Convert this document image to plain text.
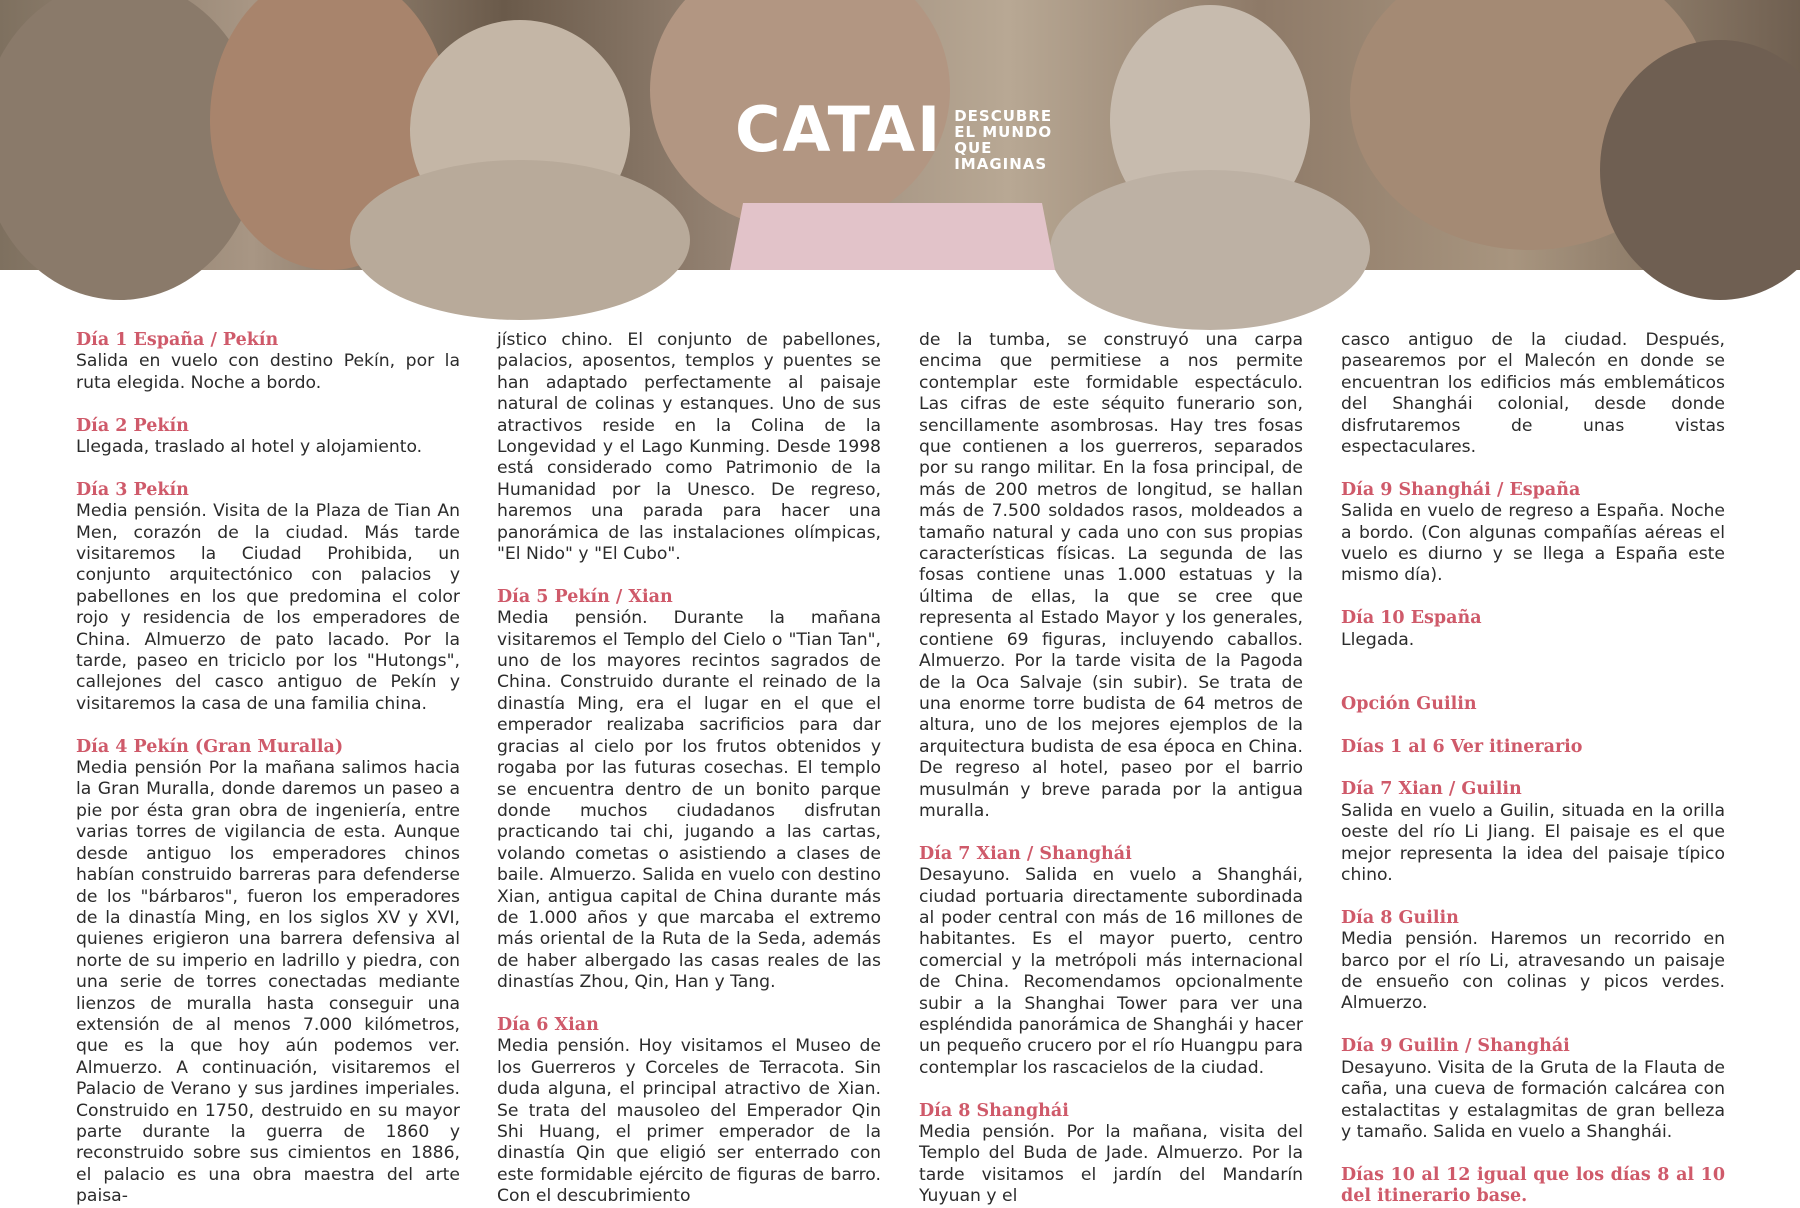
CATAI DESCUBRE EL MUNDO QUE IMAGINAS

Día 1 España / Pekín
Salida en vuelo con destino Pekín, por la ruta elegida. Noche a bordo.

Día 2 Pekín
Llegada, traslado al hotel y alojamiento.

Día 3 Pekín
Media pensión. Visita de la Plaza de Tian An Men, corazón de la ciudad. Más tarde visitaremos la Ciudad Prohibida, un conjunto arquitectónico con palacios y pabellones en los que predomina el color rojo y residencia de los emperadores de China. Almuerzo de pato lacado. Por la tarde, paseo en triciclo por los "Hutongs", callejones del casco antiguo de Pekín y visitaremos la casa de una familia china.

Día 4 Pekín (Gran Muralla)
Media pensión Por la mañana salimos hacia la Gran Muralla, donde daremos un paseo a pie por ésta gran obra de ingeniería, entre varias torres de vigilancia de esta. Aunque desde antiguo los emperadores chinos habían construido barreras para defenderse de los "bárbaros", fueron los emperadores de la dinastía Ming, en los siglos XV y XVI, quienes erigieron una barrera defensiva al norte de su imperio en ladrillo y piedra, con una serie de torres conectadas mediante lienzos de muralla hasta conseguir una extensión de al menos 7.000 kilómetros, que es la que hoy aún podemos ver. Almuerzo. A continuación, visitaremos el Palacio de Verano y sus jardines imperiales. Construido en 1750, destruido en su mayor parte durante la guerra de 1860 y reconstruido sobre sus cimientos en 1886, el palacio es una obra maestra del arte paisa-

jístico chino. El conjunto de pabellones, palacios, aposentos, templos y puentes se han adaptado perfectamente al paisaje natural de colinas y estanques. Uno de sus atractivos reside en la Colina de la Longevidad y el Lago Kunming. Desde 1998 está considerado como Patrimonio de la Humanidad por la Unesco. De regreso, haremos una parada para hacer una panorámica de las instalaciones olímpicas, "El Nido" y "El Cubo".

Día 5 Pekín / Xian
Media pensión. Durante la mañana visitaremos el Templo del Cielo o "Tian Tan", uno de los mayores recintos sagrados de China. Construido durante el reinado de la dinastía Ming, era el lugar en el que el emperador realizaba sacrificios para dar gracias al cielo por los frutos obtenidos y rogaba por las futuras cosechas. El templo se encuentra dentro de un bonito parque donde muchos ciudadanos disfrutan practicando tai chi, jugando a las cartas, volando cometas o asistiendo a clases de baile. Almuerzo. Salida en vuelo con destino Xian, antigua capital de China durante más de 1.000 años y que marcaba el extremo más oriental de la Ruta de la Seda, además de haber albergado las casas reales de las dinastías Zhou, Qin, Han y Tang.

Día 6 Xian
Media pensión. Hoy visitamos el Museo de los Guerreros y Corceles de Terracota. Sin duda alguna, el principal atractivo de Xian. Se trata del mausoleo del Emperador Qin Shi Huang, el primer emperador de la dinastía Qin que eligió ser enterrado con este formidable ejército de figuras de barro. Con el descubrimiento

de la tumba, se construyó una carpa encima que permitiese a nos permite contemplar este formidable espectáculo. Las cifras de este séquito funerario son, sencillamente asombrosas. Hay tres fosas que contienen a los guerreros, separados por su rango militar. En la fosa principal, de más de 200 metros de longitud, se hallan más de 7.500 soldados rasos, moldeados a tamaño natural y cada uno con sus propias características físicas. La segunda de las fosas contiene unas 1.000 estatuas y la última de ellas, la que se cree que representa al Estado Mayor y los generales, contiene 69 figuras, incluyendo caballos. Almuerzo. Por la tarde visita de la Pagoda de la Oca Salvaje (sin subir). Se trata de una enorme torre budista de 64 metros de altura, uno de los mejores ejemplos de la arquitectura budista de esa época en China. De regreso al hotel, paseo por el barrio musulmán y breve parada por la antigua muralla.

Día 7 Xian / Shanghái
Desayuno. Salida en vuelo a Shanghái, ciudad portuaria directamente subordinada al poder central con más de 16 millones de habitantes. Es el mayor puerto, centro comercial y la metrópoli más internacional de China. Recomendamos opcionalmente subir a la Shanghai Tower para ver una espléndida panorámica de Shanghái y hacer un pequeño crucero por el río Huangpu para contemplar los rascacielos de la ciudad.

Día 8 Shanghái
Media pensión. Por la mañana, visita del Templo del Buda de Jade. Almuerzo. Por la tarde visitamos el jardín del Mandarín Yuyuan y el

casco antiguo de la ciudad. Después, pasearemos por el Malecón en donde se encuentran los edificios más emblemáticos del Shanghái colonial, desde donde disfrutaremos de unas vistas espectaculares.

Día 9 Shanghái / España
Salida en vuelo de regreso a España. Noche a bordo. (Con algunas compañías aéreas el vuelo es diurno y se llega a España este mismo día).

Día 10 España
Llegada.

Opción Guilin

Días 1 al 6 Ver itinerario

Día 7 Xian / Guilin
Salida en vuelo a Guilin, situada en la orilla oeste del río Li Jiang. El paisaje es el que mejor representa la idea del paisaje típico chino.

Día 8 Guilin
Media pensión. Haremos un recorrido en barco por el río Li, atravesando un paisaje de ensueño con colinas y picos verdes. Almuerzo.

Día 9 Guilin / Shanghái
Desayuno. Visita de la Gruta de la Flauta de caña, una cueva de formación calcárea con estalactitas y estalagmitas de gran belleza y tamaño. Salida en vuelo a Shanghái.

Días 10 al 12 igual que los días 8 al 10 del itinerario base.
